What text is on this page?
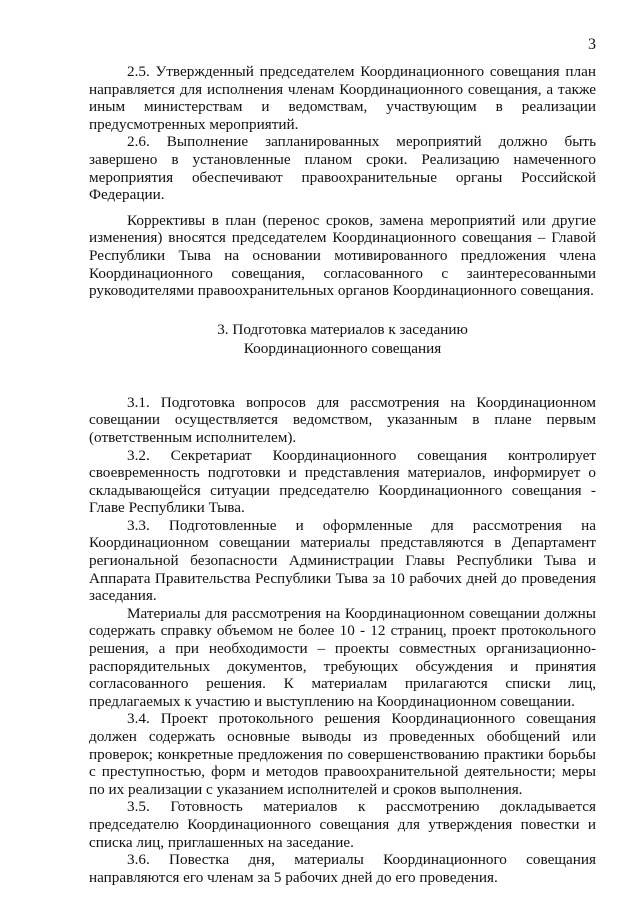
3

2.5. Утвержденный председателем Координационного совещания план направляется для исполнения членам Координационного совещания, а также иным министерствам и ведомствам, участвующим в реализации предусмотренных мероприятий.

2.6. Выполнение запланированных мероприятий должно быть завершено в установленные планом сроки. Реализацию намеченного мероприятия обеспечивают правоохранительные органы Российской Федерации.

Коррективы в план (перенос сроков, замена мероприятий или другие изменения) вносятся председателем Координационного совещания – Главой Республики Тыва на основании мотивированного предложения члена Координационного совещания, согласованного с заинтересованными руководителями правоохранительных органов Координационного совещания.

3. Подготовка материалов к заседанию
Координационного совещания

3.1. Подготовка вопросов для рассмотрения на Координационном совещании осуществляется ведомством, указанным в плане первым (ответственным исполнителем).

3.2. Секретариат Координационного совещания контролирует своевременность подготовки и представления материалов, информирует о складывающейся ситуации председателю Координационного совещания - Главе Республики Тыва.

3.3. Подготовленные и оформленные для рассмотрения на Координационном совещании материалы представляются в Департамент региональной безопасности Администрации Главы Республики Тыва и Аппарата Правительства Республики Тыва за 10 рабочих дней до проведения заседания.

Материалы для рассмотрения на Координационном совещании должны содержать справку объемом не более 10 - 12 страниц, проект протокольного решения, а при необходимости – проекты совместных организационно-распорядительных документов, требующих обсуждения и принятия согласованного решения. К материалам прилагаются списки лиц, предлагаемых к участию и выступлению на Координационном совещании.

3.4. Проект протокольного решения Координационного совещания должен содержать основные выводы из проведенных обобщений или проверок; конкретные предложения по совершенствованию практики борьбы с преступностью, форм и методов правоохранительной деятельности; меры по их реализации с указанием исполнителей и сроков выполнения.

3.5. Готовность материалов к рассмотрению докладывается председателю Координационного совещания для утверждения повестки и списка лиц, приглашенных на заседание.

3.6. Повестка дня, материалы Координационного совещания направляются его членам за 5 рабочих дней до его проведения.
